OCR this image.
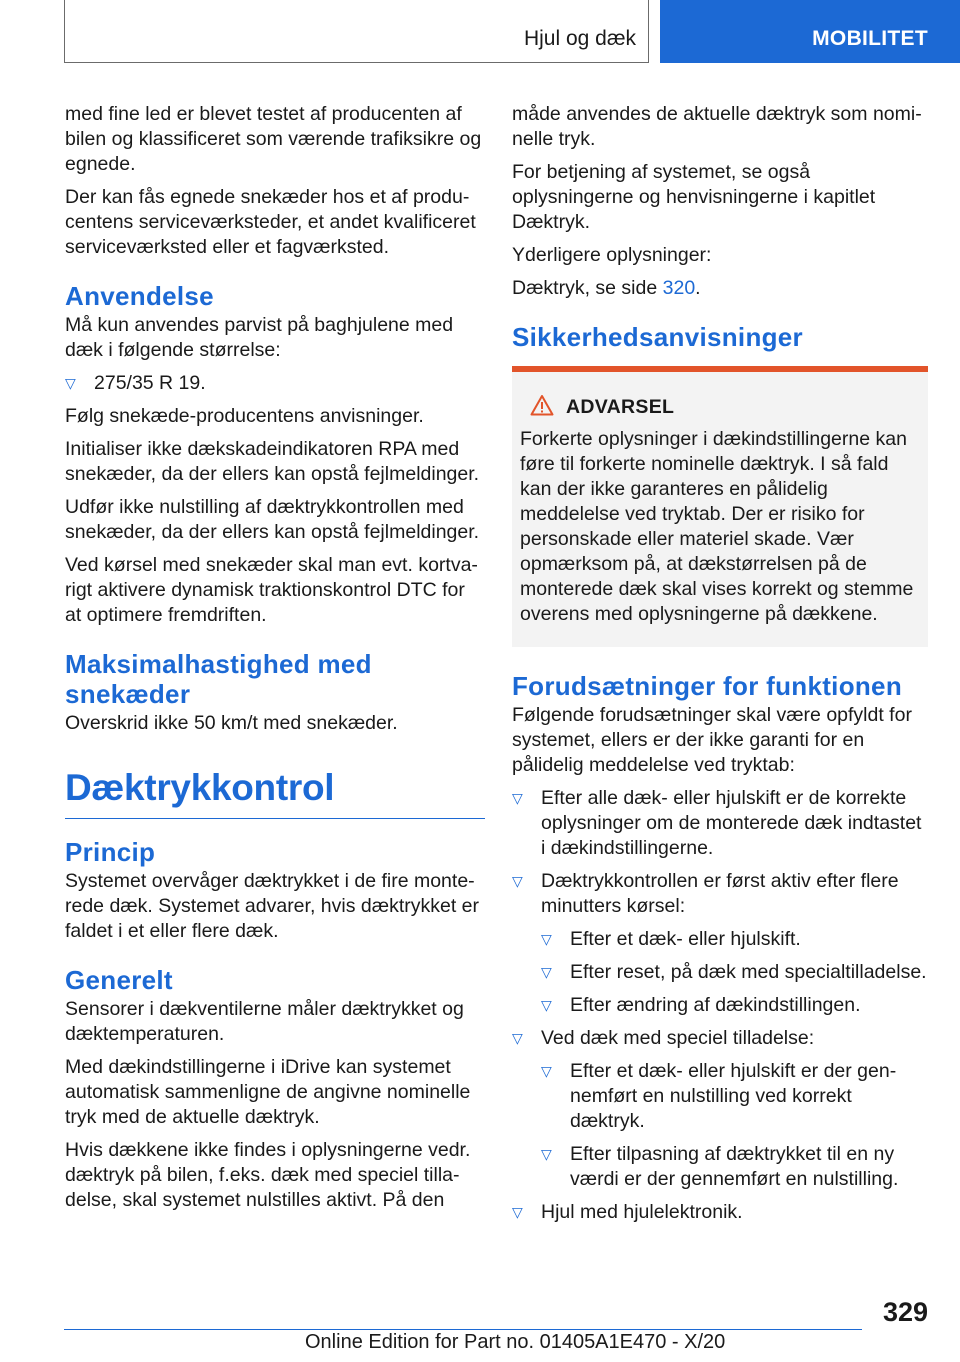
Hjul og dæk	MOBILITET

med fine led er blevet testet af producenten af bilen og klassificeret som værende trafiksikre og egnede.

Der kan fås egnede snekæder hos et af producentens serviceværksteder, et andet kvalificeret serviceværksted eller et fagværksted.

Anvendelse

Må kun anvendes parvist på baghjulene med dæk i følgende størrelse:

▽ 275/35 R 19.

Følg snekæde-producentens anvisninger.

Initialiser ikke dækskadeindikatoren RPA med snekæder, da der ellers kan opstå fejlmeldinger.

Udfør ikke nulstilling af dæktrykkontrollen med snekæder, da der ellers kan opstå fejlmeldinger.

Ved kørsel med snekæder skal man evt. kortvarigt aktivere dynamisk traktionskontrol DTC for at optimere fremdriften.

Maksimalhastighed med snekæder

Overskrid ikke 50 km/t med snekæder.

Dæktrykkontrol
Princip

Systemet overvåger dæktrykket i de fire monterede dæk. Systemet advarer, hvis dæktrykket er faldet i et eller flere dæk.

Generelt

Sensorer i dækventilerne måler dæktrykket og dæktemperaturen.

Med dækindstillingerne i iDrive kan systemet automatisk sammenligne de angivne nominelle tryk med de aktuelle dæktryk.

Hvis dækkene ikke findes i oplysningerne vedr. dæktryk på bilen, f.eks. dæk med speciel tilladelse, skal systemet nulstilles aktivt. På den

måde anvendes de aktuelle dæktryk som nominelle tryk.

For betjening af systemet, se også oplysningerne og henvisningerne i kapitlet Dæktryk.

Yderligere oplysninger:

Dæktryk, se side 320.

Sikkerhedsanvisninger
ADVARSEL

Forkerte oplysninger i dækindstillingerne kan føre til forkerte nominelle dæktryk. I så fald kan der ikke garanteres en pålidelig meddelelse ved tryktab. Der er risiko for personskade eller materiel skade. Vær opmærksom på, at dækstørrelsen på de monterede dæk skal vises korrekt og stemme overens med oplysningerne på dækkene.

Forudsætninger for funktionen

Følgende forudsætninger skal være opfyldt for systemet, ellers er der ikke garanti for en pålidelig meddelelse ved tryktab:

▽ Efter alle dæk- eller hjulskift er de korrekte oplysninger om de monterede dæk indtastet i dækindstillingerne.
▽ Dæktrykkontrollen er først aktiv efter flere minutters kørsel:
▽ Efter et dæk- eller hjulskift.
▽ Efter reset, på dæk med specialtilladelse.
▽ Efter ændring af dækindstillingen.
▽ Ved dæk med speciel tilladelse:
▽ Efter et dæk- eller hjulskift er der gennemført en nulstilling ved korrekt dæktryk.
▽ Efter tilpasning af dæktrykket til en ny værdi er der gennemført en nulstilling.
▽ Hjul med hjulelektronik.
329
Online Edition for Part no. 01405A1E470 - X/20
